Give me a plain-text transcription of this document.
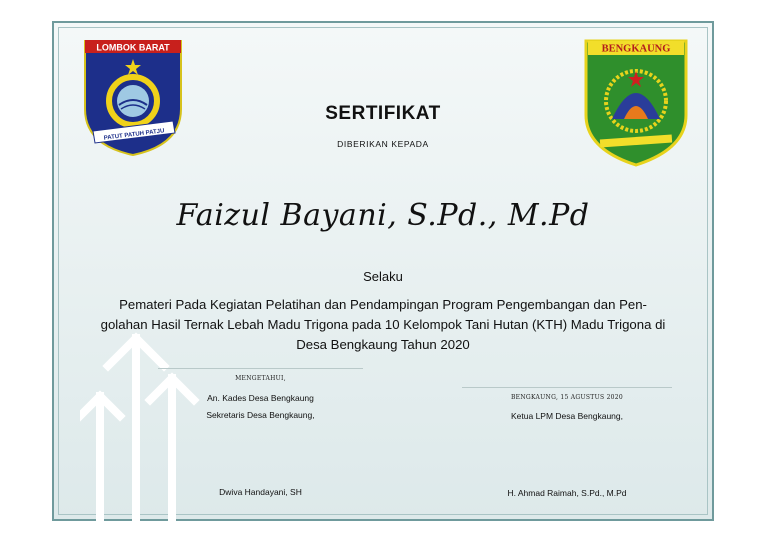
LOMBOK BARAT
PATUT PATUH PATJU
BENGKAUNG
SERTIFIKAT
DIBERIKAN KEPADA
Faizul Bayani, S.Pd., M.Pd
Selaku
Pemateri Pada Kegiatan Pelatihan dan Pendampingan Program Pengembangan dan Pen-
golahan Hasil Ternak Lebah Madu Trigona pada 10 Kelompok Tani Hutan (KTH) Madu Trigona di
Desa Bengkaung Tahun 2020
MENGETAHUI,
An. Kades Desa Bengkaung
Sekretaris Desa Bengkaung,
Dwiva Handayani, SH
BENGKAUNG, 15 AGUSTUS 2020
Ketua LPM Desa Bengkaung,
H. Ahmad Raimah, S.Pd., M.Pd
